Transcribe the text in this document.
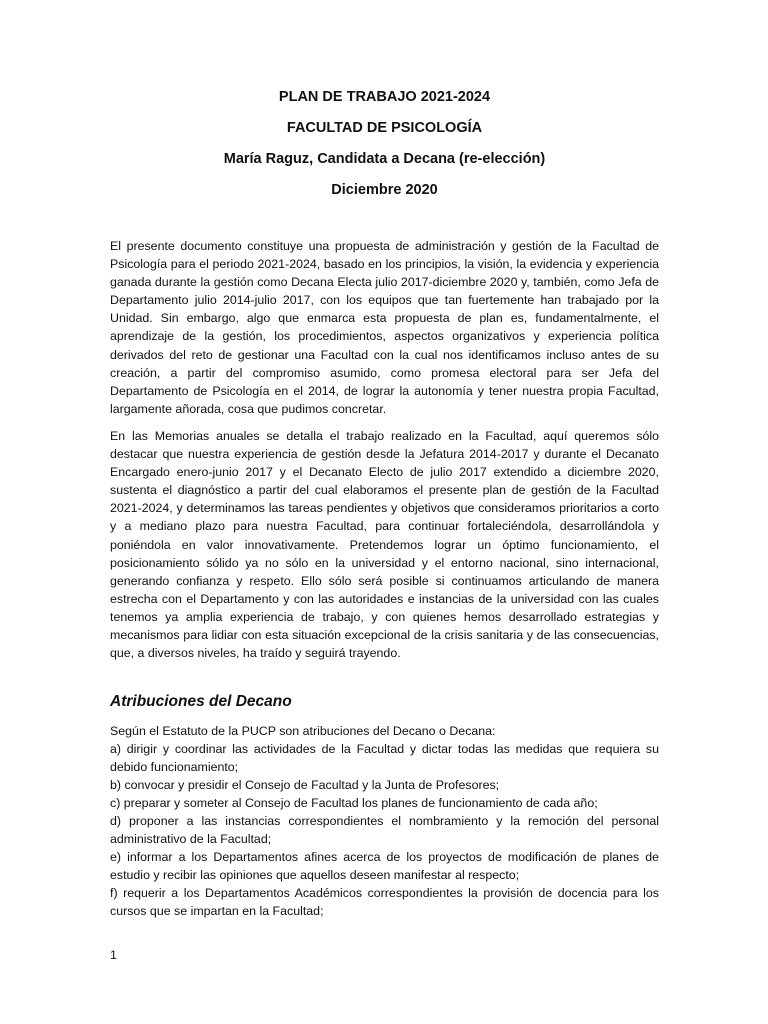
PLAN DE TRABAJO 2021-2024
FACULTAD DE PSICOLOGÍA
María Raguz, Candidata a Decana (re-elección)
Diciembre 2020

El presente documento constituye una propuesta de administración y gestión de la Facultad de Psicología para el periodo 2021-2024, basado en los principios, la visión, la evidencia y experiencia ganada durante la gestión como Decana Electa julio 2017-diciembre 2020 y, también, como Jefa de Departamento julio 2014-julio 2017, con los equipos que tan fuertemente han trabajado por la Unidad. Sin embargo, algo que enmarca esta propuesta de plan es, fundamentalmente, el aprendizaje de la gestión, los procedimientos, aspectos organizativos y experiencia política derivados del reto de gestionar una Facultad con la cual nos identificamos incluso antes de su creación, a partir del compromiso asumido, como promesa electoral para ser Jefa del Departamento de Psicología en el 2014, de lograr la autonomía y tener nuestra propia Facultad, largamente añorada, cosa que pudimos concretar.

En las Memorias anuales se detalla el trabajo realizado en la Facultad, aquí queremos sólo destacar que nuestra experiencia de gestión desde la Jefatura 2014-2017 y durante el Decanato Encargado enero-junio 2017 y el Decanato Electo de julio 2017 extendido a diciembre 2020, sustenta el diagnóstico a partir del cual elaboramos el presente plan de gestión de la Facultad 2021-2024, y determinamos las tareas pendientes y objetivos que consideramos prioritarios a corto y a mediano plazo para nuestra Facultad, para continuar fortaleciéndola, desarrollándola y poniéndola en valor innovativamente. Pretendemos lograr un óptimo funcionamiento, el posicionamiento sólido ya no sólo en la universidad y el entorno nacional, sino internacional, generando confianza y respeto. Ello sólo será posible si continuamos articulando de manera estrecha con el Departamento y con las autoridades e instancias de la universidad con las cuales tenemos ya amplia experiencia de trabajo, y con quienes hemos desarrollado estrategias y mecanismos para lidiar con esta situación excepcional de la crisis sanitaria y de las consecuencias, que, a diversos niveles, ha traído y seguirá trayendo.

Atribuciones del Decano

Según el Estatuto de la PUCP son atribuciones del Decano o Decana:

a) dirigir y coordinar las actividades de la Facultad y dictar todas las medidas que requiera su debido funcionamiento;

b) convocar y presidir el Consejo de Facultad y la Junta de Profesores;

c) preparar y someter al Consejo de Facultad los planes de funcionamiento de cada año;

d) proponer a las instancias correspondientes el nombramiento y la remoción del personal administrativo de la Facultad;

e) informar a los Departamentos afines acerca de los proyectos de modificación de planes de estudio y recibir las opiniones que aquellos deseen manifestar al respecto;

f) requerir a los Departamentos Académicos correspondientes la provisión de docencia para los cursos que se impartan en la Facultad;

1
